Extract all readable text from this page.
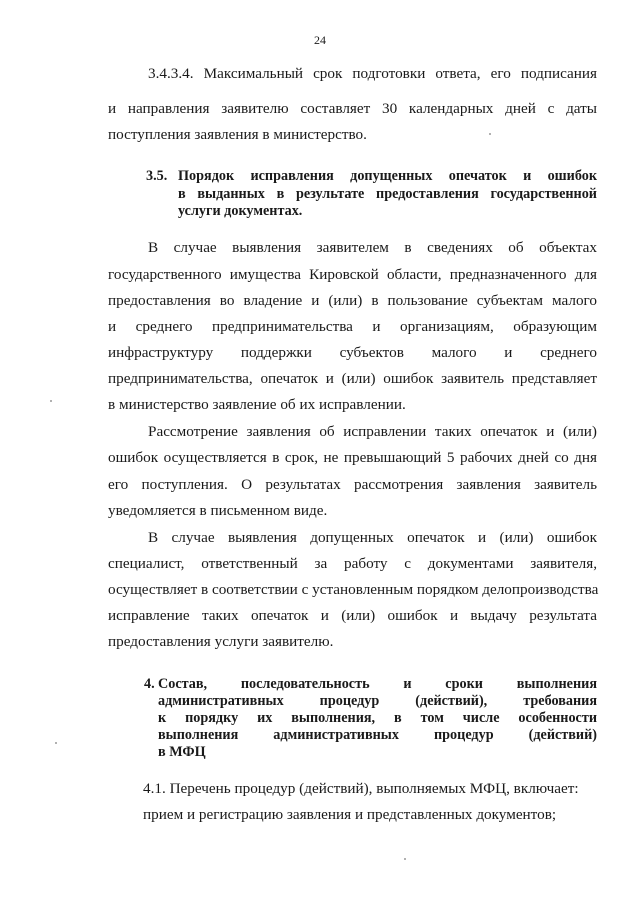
24
3.4.3.4. Максимальный срок подготовки ответа, его подписания
и направления заявителю составляет 30 календарных дней с даты
поступления заявления в министерство.
3.5. Порядок исправления допущенных опечаток и ошибок
в выданных в результате предоставления государственной
услуги документах.
В случае выявления заявителем в сведениях об объектах
государственного имущества Кировской области, предназначенного для
предоставления во владение и (или) в пользование субъектам малого
и среднего предпринимательства и организациям, образующим
инфраструктуру поддержки субъектов малого и среднего
предпринимательства, опечаток и (или) ошибок заявитель представляет
в министерство заявление об их исправлении.
Рассмотрение заявления об исправлении таких опечаток и (или)
ошибок осуществляется в срок, не превышающий 5 рабочих дней со дня
его поступления. О результатах рассмотрения заявления заявитель
уведомляется в письменном виде.
В случае выявления допущенных опечаток и (или) ошибок
специалист, ответственный за работу с документами заявителя,
осуществляет в соответствии с установленным порядком делопроизводства
исправление таких опечаток и (или) ошибок и выдачу результата
предоставления услуги заявителю.
4. Состав, последовательность и сроки выполнения
административных процедур (действий), требования
к порядку их выполнения, в том числе особенности
выполнения административных процедур (действий)
в МФЦ
4.1. Перечень процедур (действий), выполняемых МФЦ, включает:
прием и регистрацию заявления и представленных документов;
